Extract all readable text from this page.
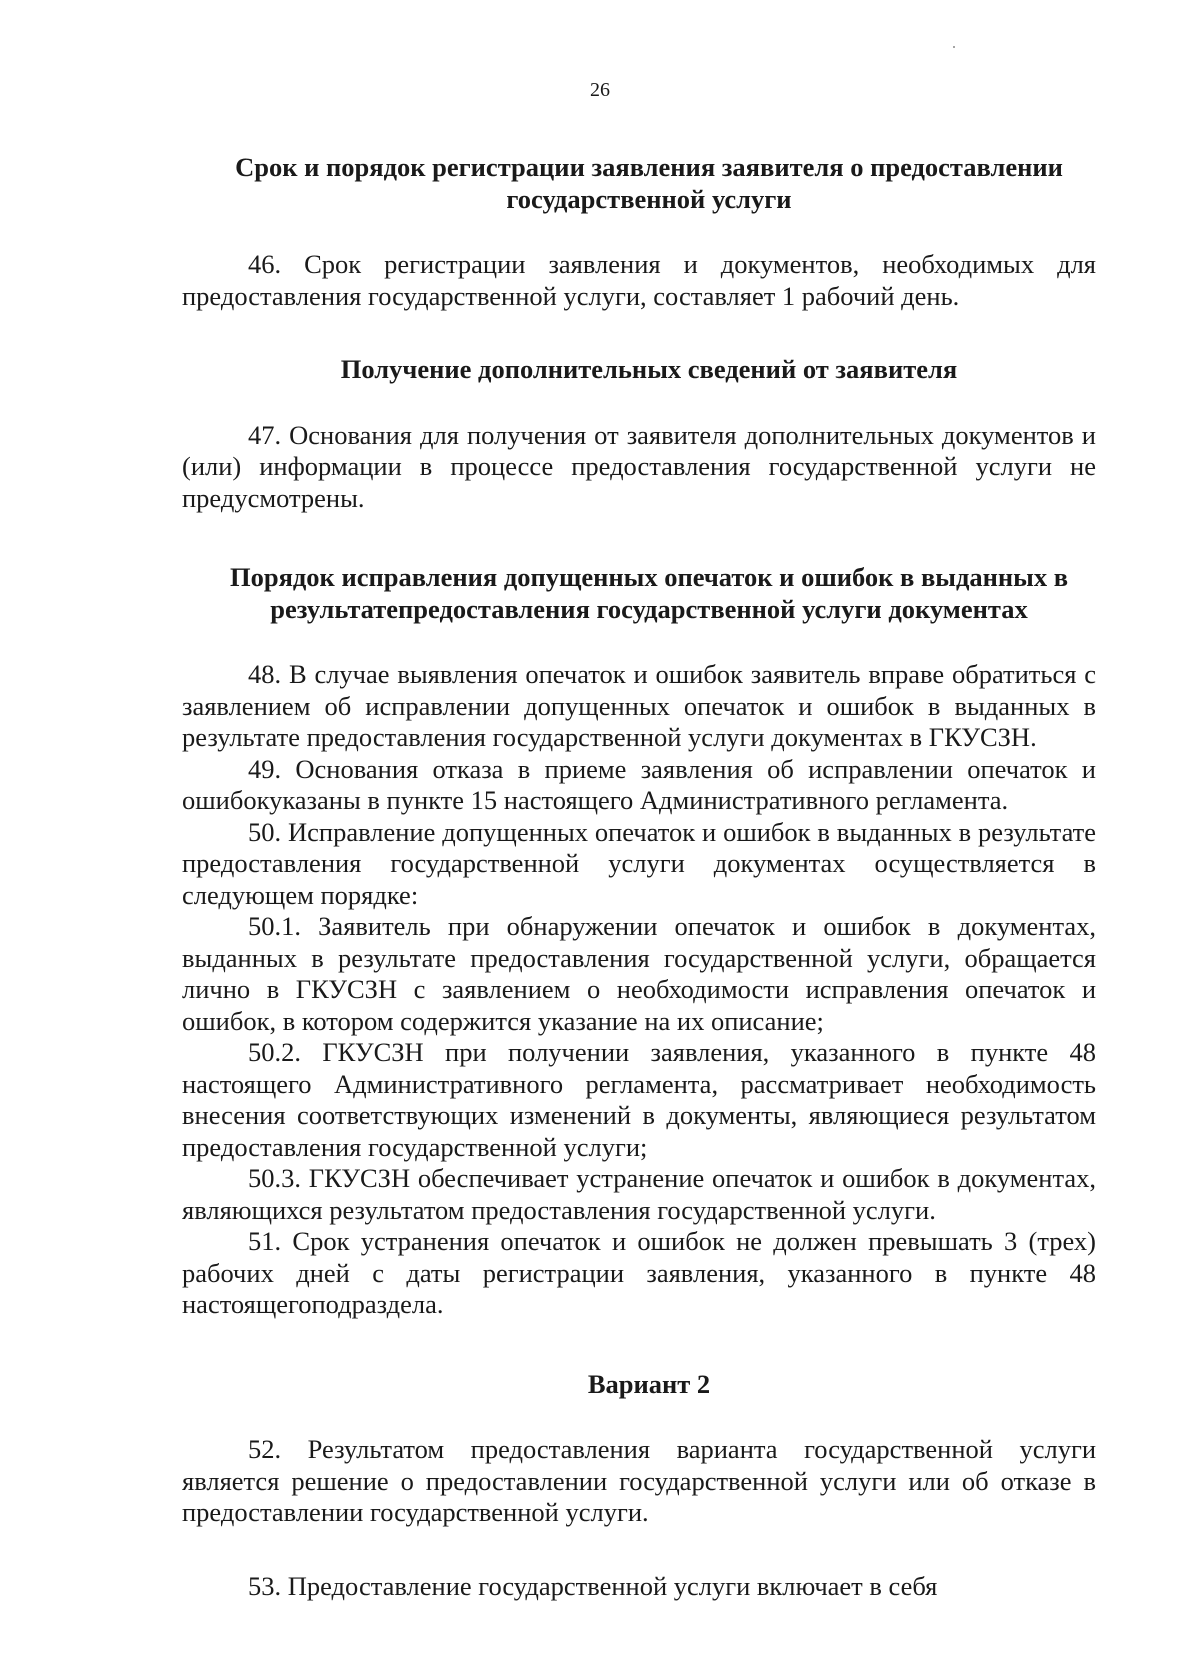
26

Срок и порядок регистрации заявления заявителя о предоставлении государственной услуги

46. Срок регистрации заявления и документов, необходимых для предоставления государственной услуги, составляет 1 рабочий день.

Получение дополнительных сведений от заявителя

47. Основания для получения от заявителя дополнительных документов и (или) информации в процессе предоставления государственной услуги не предусмотрены.

Порядок исправления допущенных опечаток и ошибок в выданных в результатепредоставления государственной услуги документах

48. В случае выявления опечаток и ошибок заявитель вправе обратиться с заявлением об исправлении допущенных опечаток и ошибок в выданных в результате предоставления государственной услуги документах в ГКУСЗН.

49. Основания отказа в приеме заявления об исправлении опечаток и ошибокуказаны в пункте 15 настоящего Административного регламента.

50. Исправление допущенных опечаток и ошибок в выданных в результате предоставления государственной услуги документах осуществляется в следующем порядке:

50.1. Заявитель при обнаружении опечаток и ошибок в документах, выданных в результате предоставления государственной услуги, обращается лично в ГКУСЗН с заявлением о необходимости исправления опечаток и ошибок, в котором содержится указание на их описание;

50.2. ГКУСЗН при получении заявления, указанного в пункте 48 настоящего Административного регламента, рассматривает необходимость внесения соответствующих изменений в документы, являющиеся результатом предоставления государственной услуги;

50.3. ГКУСЗН обеспечивает устранение опечаток и ошибок в документах, являющихся результатом предоставления государственной услуги.

51. Срок устранения опечаток и ошибок не должен превышать 3 (трех) рабочих дней с даты регистрации заявления, указанного в пункте 48 настоящегоподраздела.

Вариант 2

52. Результатом предоставления варианта государственной услуги является решение о предоставлении государственной услуги или об отказе в предоставлении государственной услуги.

53. Предоставление государственной услуги включает в себя
